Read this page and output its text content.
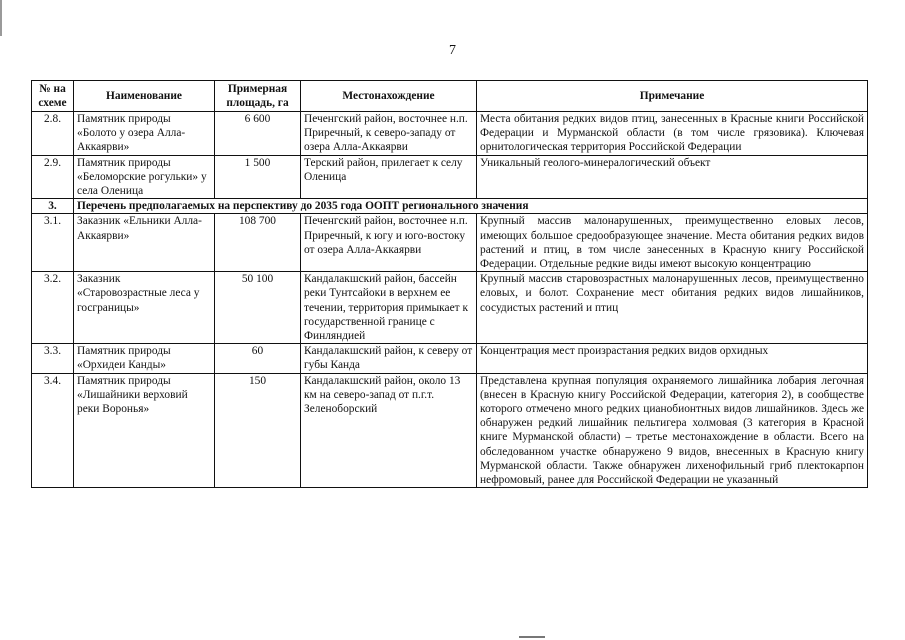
7
№ на схеме	Наименование	Примерная площадь, га	Местонахождение	Примечание
2.8.	Памятник природы «Болото у озера Алла-Аккаярви»	6 600	Печенгский район, восточнее н.п. Приречный, к северо-западу от озера Алла-Аккаярви	Места обитания редких видов птиц, занесенных в Красные книги Российской Федерации и Мурманской области (в том числе грязовика). Ключевая орнитологическая территория Российской Федерации
2.9.	Памятник природы «Беломорские рогульки» у села Оленица	1 500	Терский район, прилегает к селу Оленица	Уникальный геолого-минералогический объект
3.	Перечень предполагаемых на перспективу до 2035 года ООПТ регионального значения			
3.1.	Заказник «Ельники Алла-Аккаярви»	108 700	Печенгский район, восточнее н.п. Приречный, к югу и юго-востоку от озера Алла-Аккаярви	Крупный массив малонарушенных, преимущественно еловых лесов, имеющих большое средообразующее значение. Места обитания редких видов растений и птиц, в том числе занесенных в Красную книгу Российской Федерации. Отдельные редкие виды имеют высокую концентрацию
3.2.	Заказник «Старовозрастные леса у госграницы»	50 100	Кандалакшский район, бассейн реки Тунтсайоки в верхнем ее течении, территория примыкает к государственной границе с Финляндией	Крупный массив старовозрастных малонарушенных лесов, преимущественно еловых, и болот. Сохранение мест обитания редких видов лишайников, сосудистых растений и птиц
3.3.	Памятник природы «Орхидеи Канды»	60	Кандалакшский район, к северу от губы Канда	Концентрация мест произрастания редких видов орхидных
3.4.	Памятник природы «Лишайники верховий реки Воронья»	150	Кандалакшский район, около 13 км на северо-запад от п.г.т. Зеленоборский	Представлена крупная популяция охраняемого лишайника лобария легочная (внесен в Красную книгу Российской Федерации, категория 2), в сообществе которого отмечено много редких цианобионтных видов лишайников. Здесь же обнаружен редкий лишайник пельтигера холмовая (3 категория в Красной книге Мурманской области) – третье местонахождение в области. Всего на обследованном участке обнаружено 9 видов, внесенных в Красную книгу Мурманской области. Также обнаружен лихенофильный гриб плектокарпон нефромовый, ранее для Российской Федерации не указанный
